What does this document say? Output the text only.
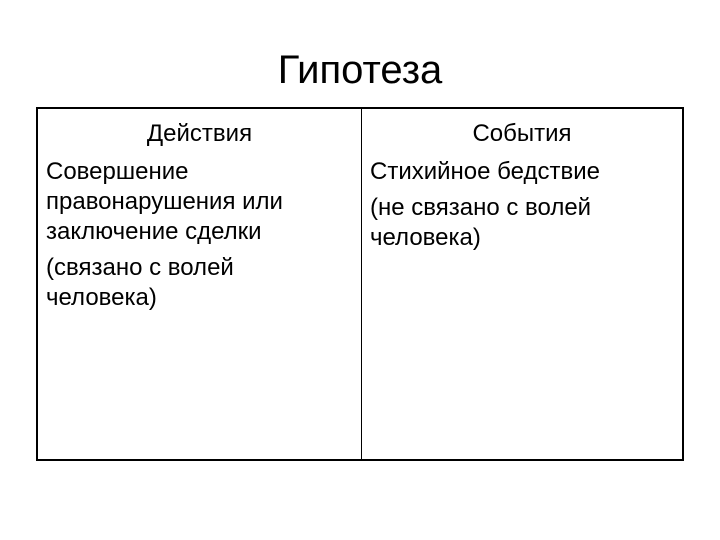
Гипотеза
Действия
Совершение
правонарушения или
заключение сделки
(связано с волей
человека)
События
Стихийное бедствие
(не связано с волей
человека)
